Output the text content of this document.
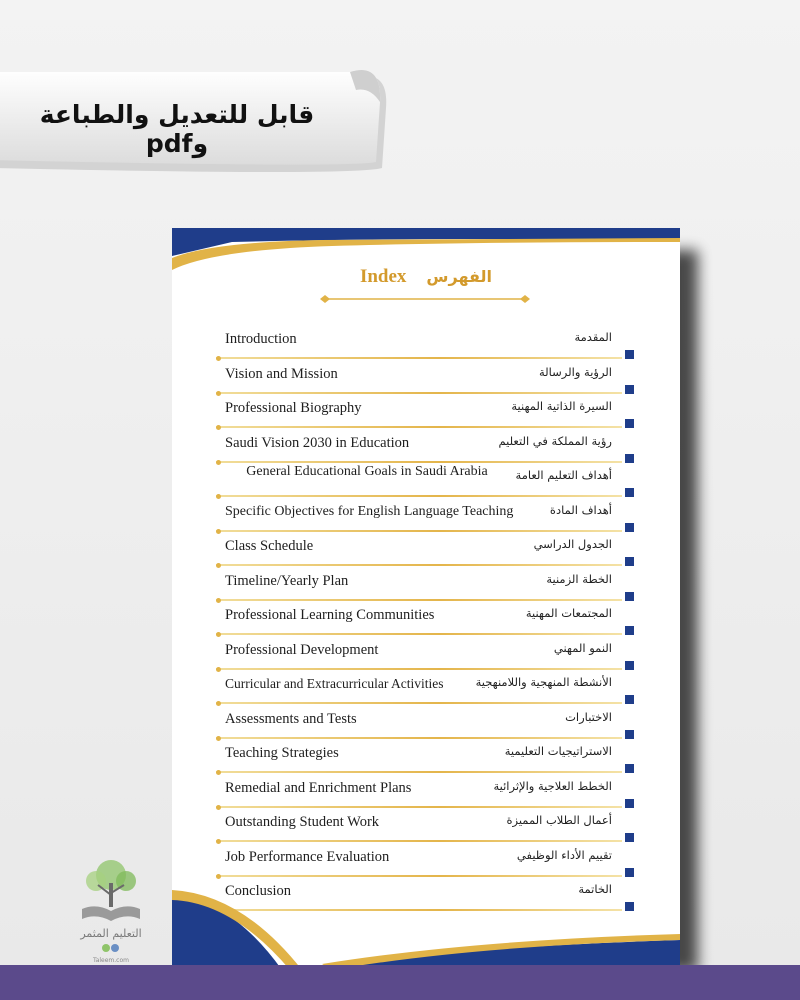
قابل للتعديل والطباعة وpdf
Index الفهرس
Introduction	المقدمة
Vision and Mission	الرؤية والرسالة
Professional Biography	السيرة الذاتية المهنية
Saudi Vision 2030 in Education	رؤية المملكة في التعليم
General Educational Goals in Saudi Arabia	أهداف التعليم العامة
Specific Objectives for English Language Teaching	أهداف المادة
Class Schedule	الجدول الدراسي
Timeline/Yearly Plan	الخطة الزمنية
Professional Learning Communities	المجتمعات المهنية
Professional Development	النمو المهني
Curricular and Extracurricular Activities	الأنشطة المنهجية واللامنهجية
Assessments and Tests	الاختبارات
Teaching Strategies	الاستراتيجيات التعليمية
Remedial and Enrichment Plans	الخطط العلاجية والإثرائية
Outstanding Student Work	أعمال الطلاب المميزة
Job Performance Evaluation	تقييم الأداء الوظيفي
Conclusion	الخاتمة
التعليم المثمر
Taleem.com
